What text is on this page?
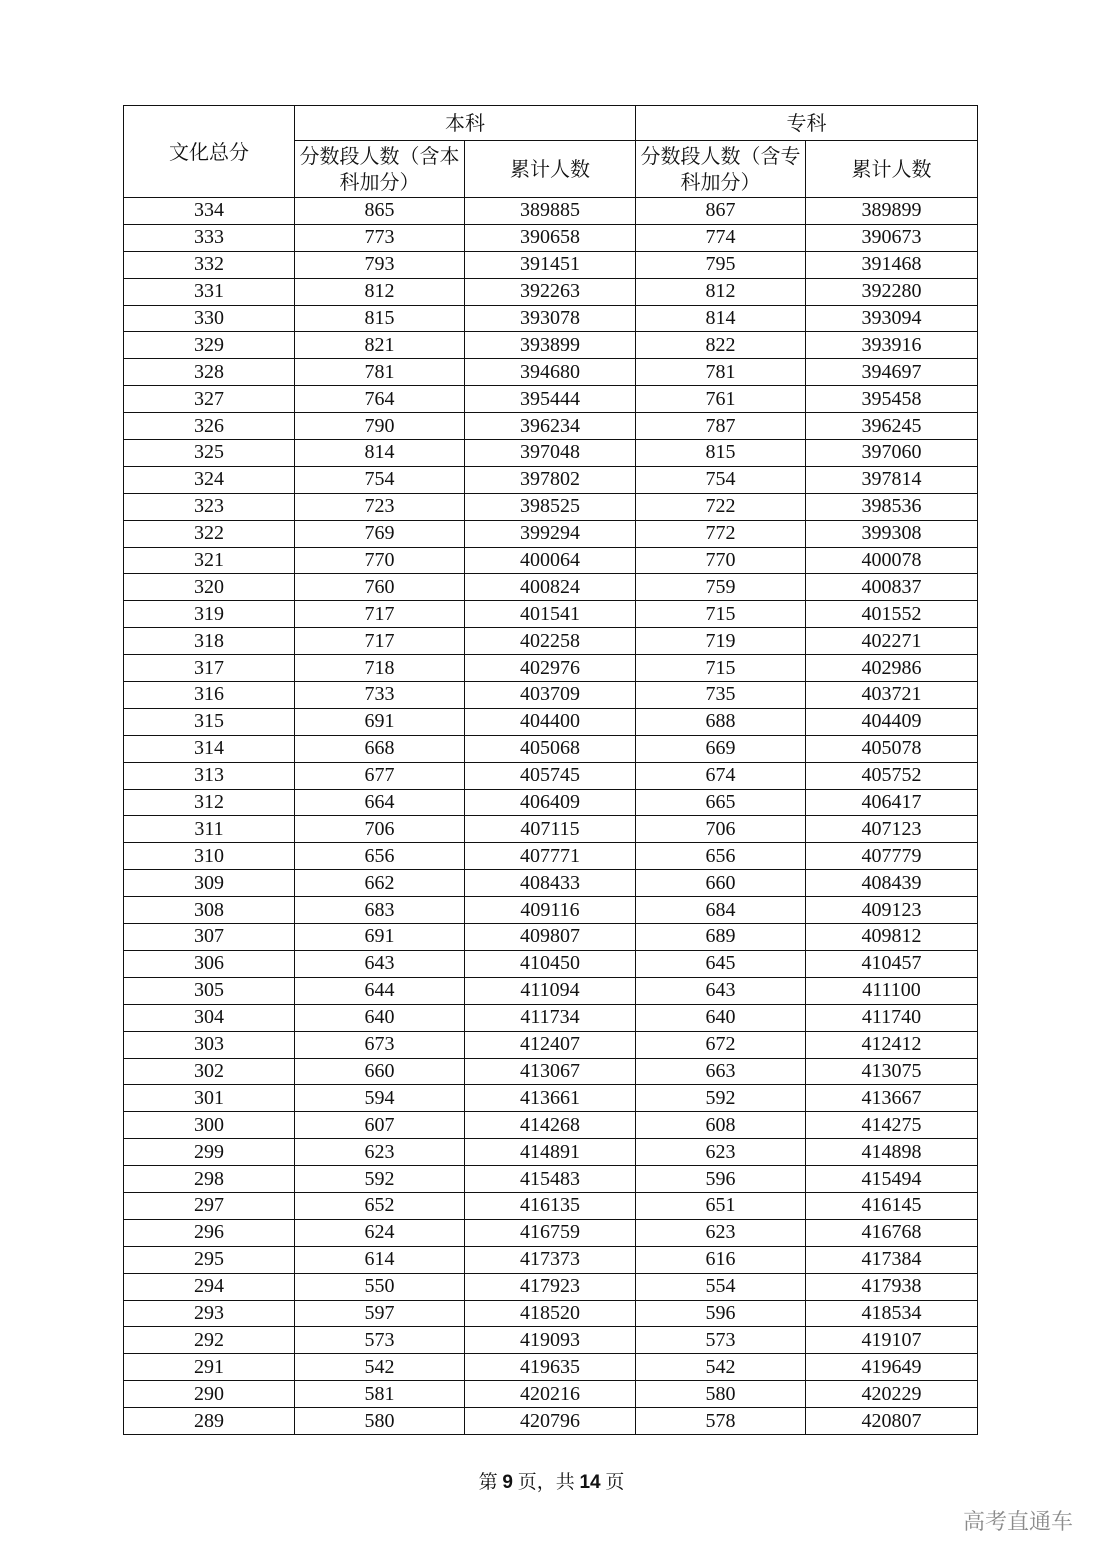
文化总分	本科		专科	
	分数段人数（含本科加分）	累计人数	分数段人数（含专科加分）	累计人数
334	865	389885	867	389899
333	773	390658	774	390673
332	793	391451	795	391468
331	812	392263	812	392280
330	815	393078	814	393094
329	821	393899	822	393916
328	781	394680	781	394697
327	764	395444	761	395458
326	790	396234	787	396245
325	814	397048	815	397060
324	754	397802	754	397814
323	723	398525	722	398536
322	769	399294	772	399308
321	770	400064	770	400078
320	760	400824	759	400837
319	717	401541	715	401552
318	717	402258	719	402271
317	718	402976	715	402986
316	733	403709	735	403721
315	691	404400	688	404409
314	668	405068	669	405078
313	677	405745	674	405752
312	664	406409	665	406417
311	706	407115	706	407123
310	656	407771	656	407779
309	662	408433	660	408439
308	683	409116	684	409123
307	691	409807	689	409812
306	643	410450	645	410457
305	644	411094	643	411100
304	640	411734	640	411740
303	673	412407	672	412412
302	660	413067	663	413075
301	594	413661	592	413667
300	607	414268	608	414275
299	623	414891	623	414898
298	592	415483	596	415494
297	652	416135	651	416145
296	624	416759	623	416768
295	614	417373	616	417384
294	550	417923	554	417938
293	597	418520	596	418534
292	573	419093	573	419107
291	542	419635	542	419649
290	581	420216	580	420229
289	580	420796	578	420807
第 9 页，共 14 页
高考直通车
